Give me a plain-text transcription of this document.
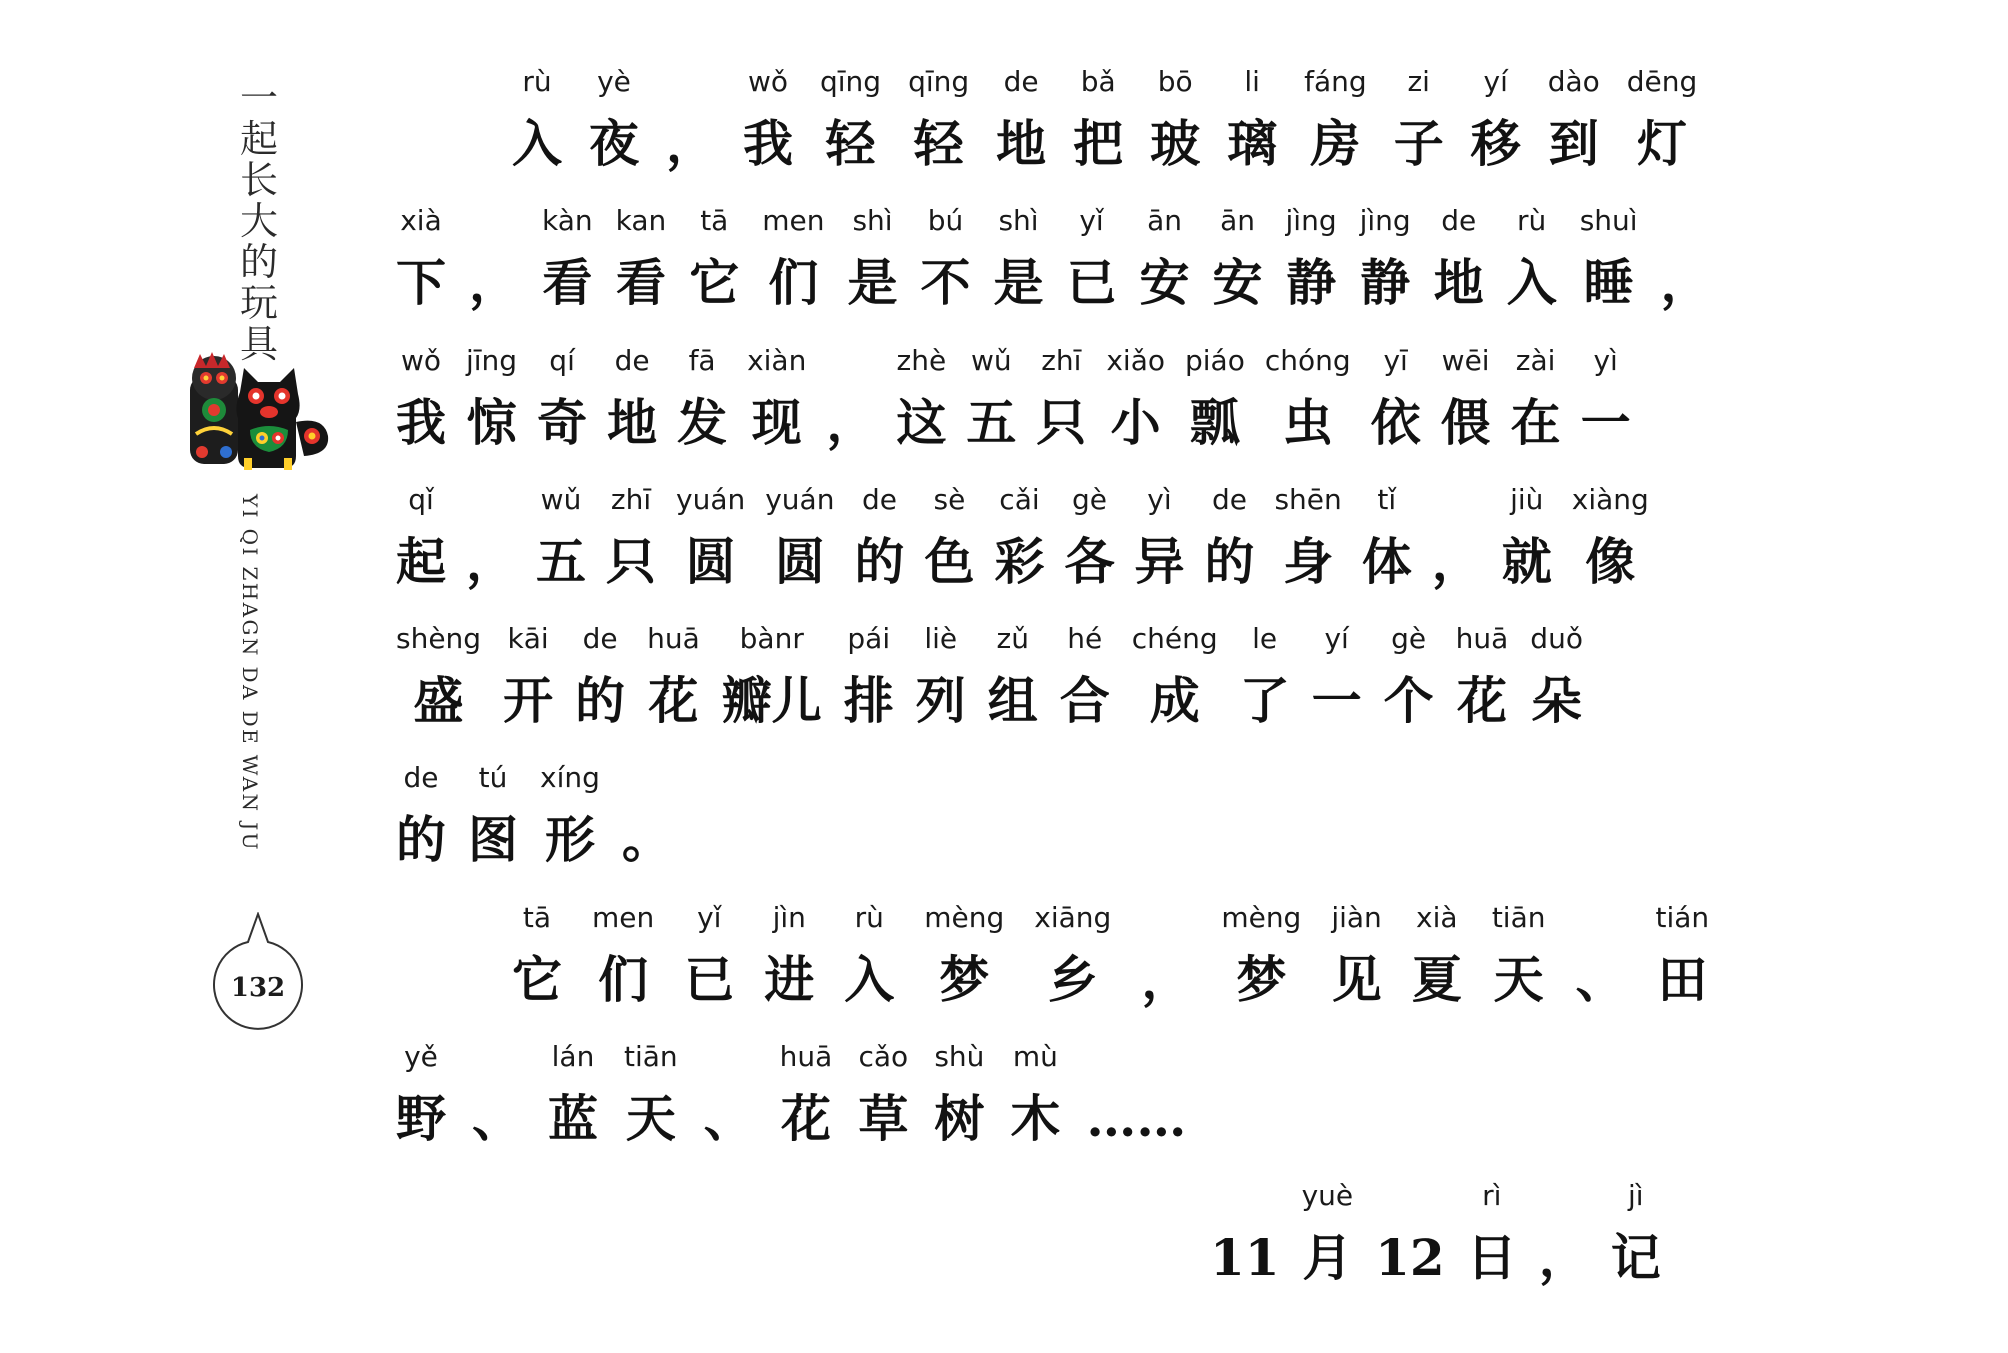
一起长大的玩具
YI QI ZHAGN DA DE WAN JU
132
rù
入
yè
夜 ，
wǒ
我
qīng
轻
qīng
轻
de
地
bǎ
把
bō
玻
li
璃
fáng
房
zi
子
yí
移
dào
到
dēng
灯
xià
下 ，
kàn
看
kan
看
tā
它
men
们
shì
是
bú
不
shì
是
yǐ
已
ān
安
ān
安
jìng
静
jìng
静
de
地
rù
入
shuì
睡 ，
wǒ
我
jīng
惊
qí
奇
de
地
fā
发
xiàn
现 ，
zhè
这
wǔ
五
zhī
只
xiǎo
小
piáo
瓢
chóng
虫
yī
依
wēi
偎
zài
在
yì
一
qǐ
起 ，
wǔ
五
zhī
只
yuán
圆
yuán
圆
de
的
sè
色
cǎi
彩
gè
各
yì
异
de
的
shēn
身
tǐ
体 ，
jiù
就
xiàng
像
shèng
盛
kāi
开
de
的
huā
花
bànr
瓣儿
pái
排
liè
列
zǔ
组
hé
合
chéng
成
le
了
yí
一
gè
个
huā
花
duǒ
朵
de
的
tú
图
xíng
形 。
tā
它
men
们
yǐ
已
jìn
进
rù
入
mèng
梦
xiāng
乡 ，
mèng
梦
jiàn
见
xià
夏
tiān
天 、
tián
田
yě
野 、
lán
蓝
tiān
天 、
huā
花
cǎo
草
shù
树
mù
木 ……
11
yuè
月 12
rì
日 ，
jì
记
